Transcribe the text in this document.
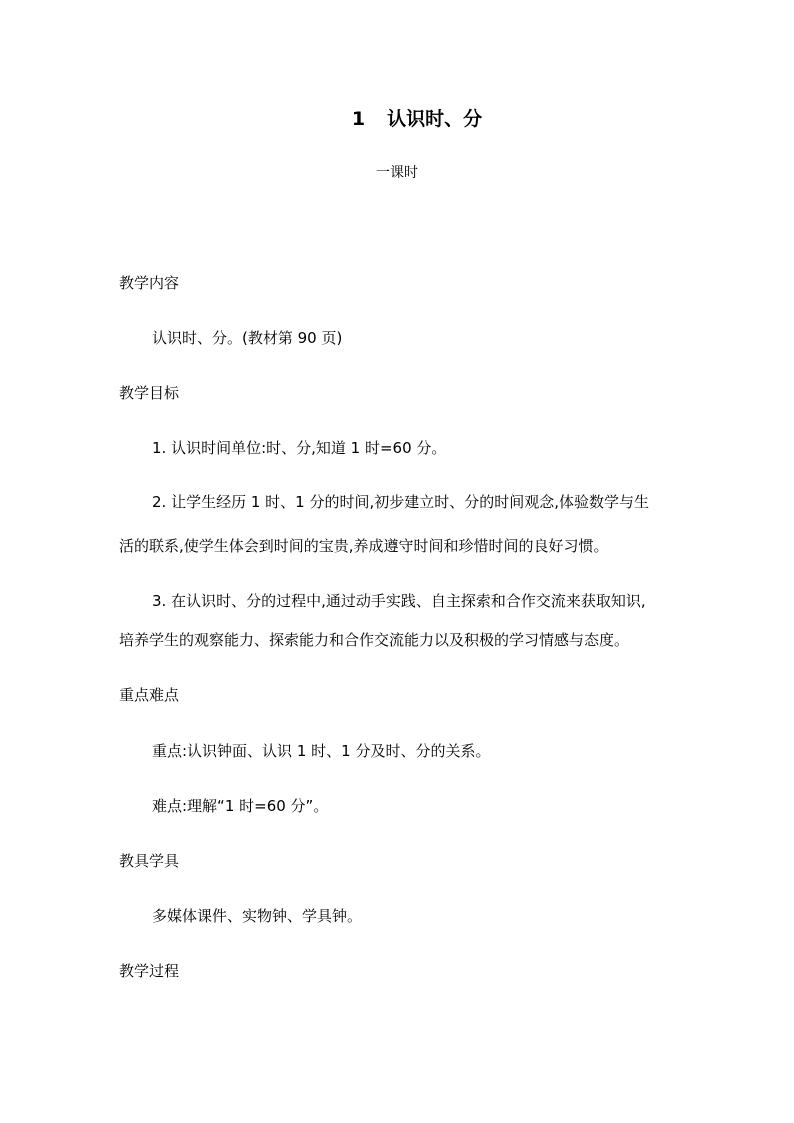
1 认识时、分
一课时
教学内容
认识时、分。(教材第 90 页)
教学目标
1. 认识时间单位:时、分,知道 1 时=60 分。
2. 让学生经历 1 时、1 分的时间,初步建立时、分的时间观念,体验数学与生
活的联系,使学生体会到时间的宝贵,养成遵守时间和珍惜时间的良好习惯。
3. 在认识时、分的过程中,通过动手实践、自主探索和合作交流来获取知识,
培养学生的观察能力、探索能力和合作交流能力以及积极的学习情感与态度。
重点难点
重点:认识钟面、认识 1 时、1 分及时、分的关系。
难点:理解“1 时=60 分”。
教具学具
多媒体课件、实物钟、学具钟。
教学过程
